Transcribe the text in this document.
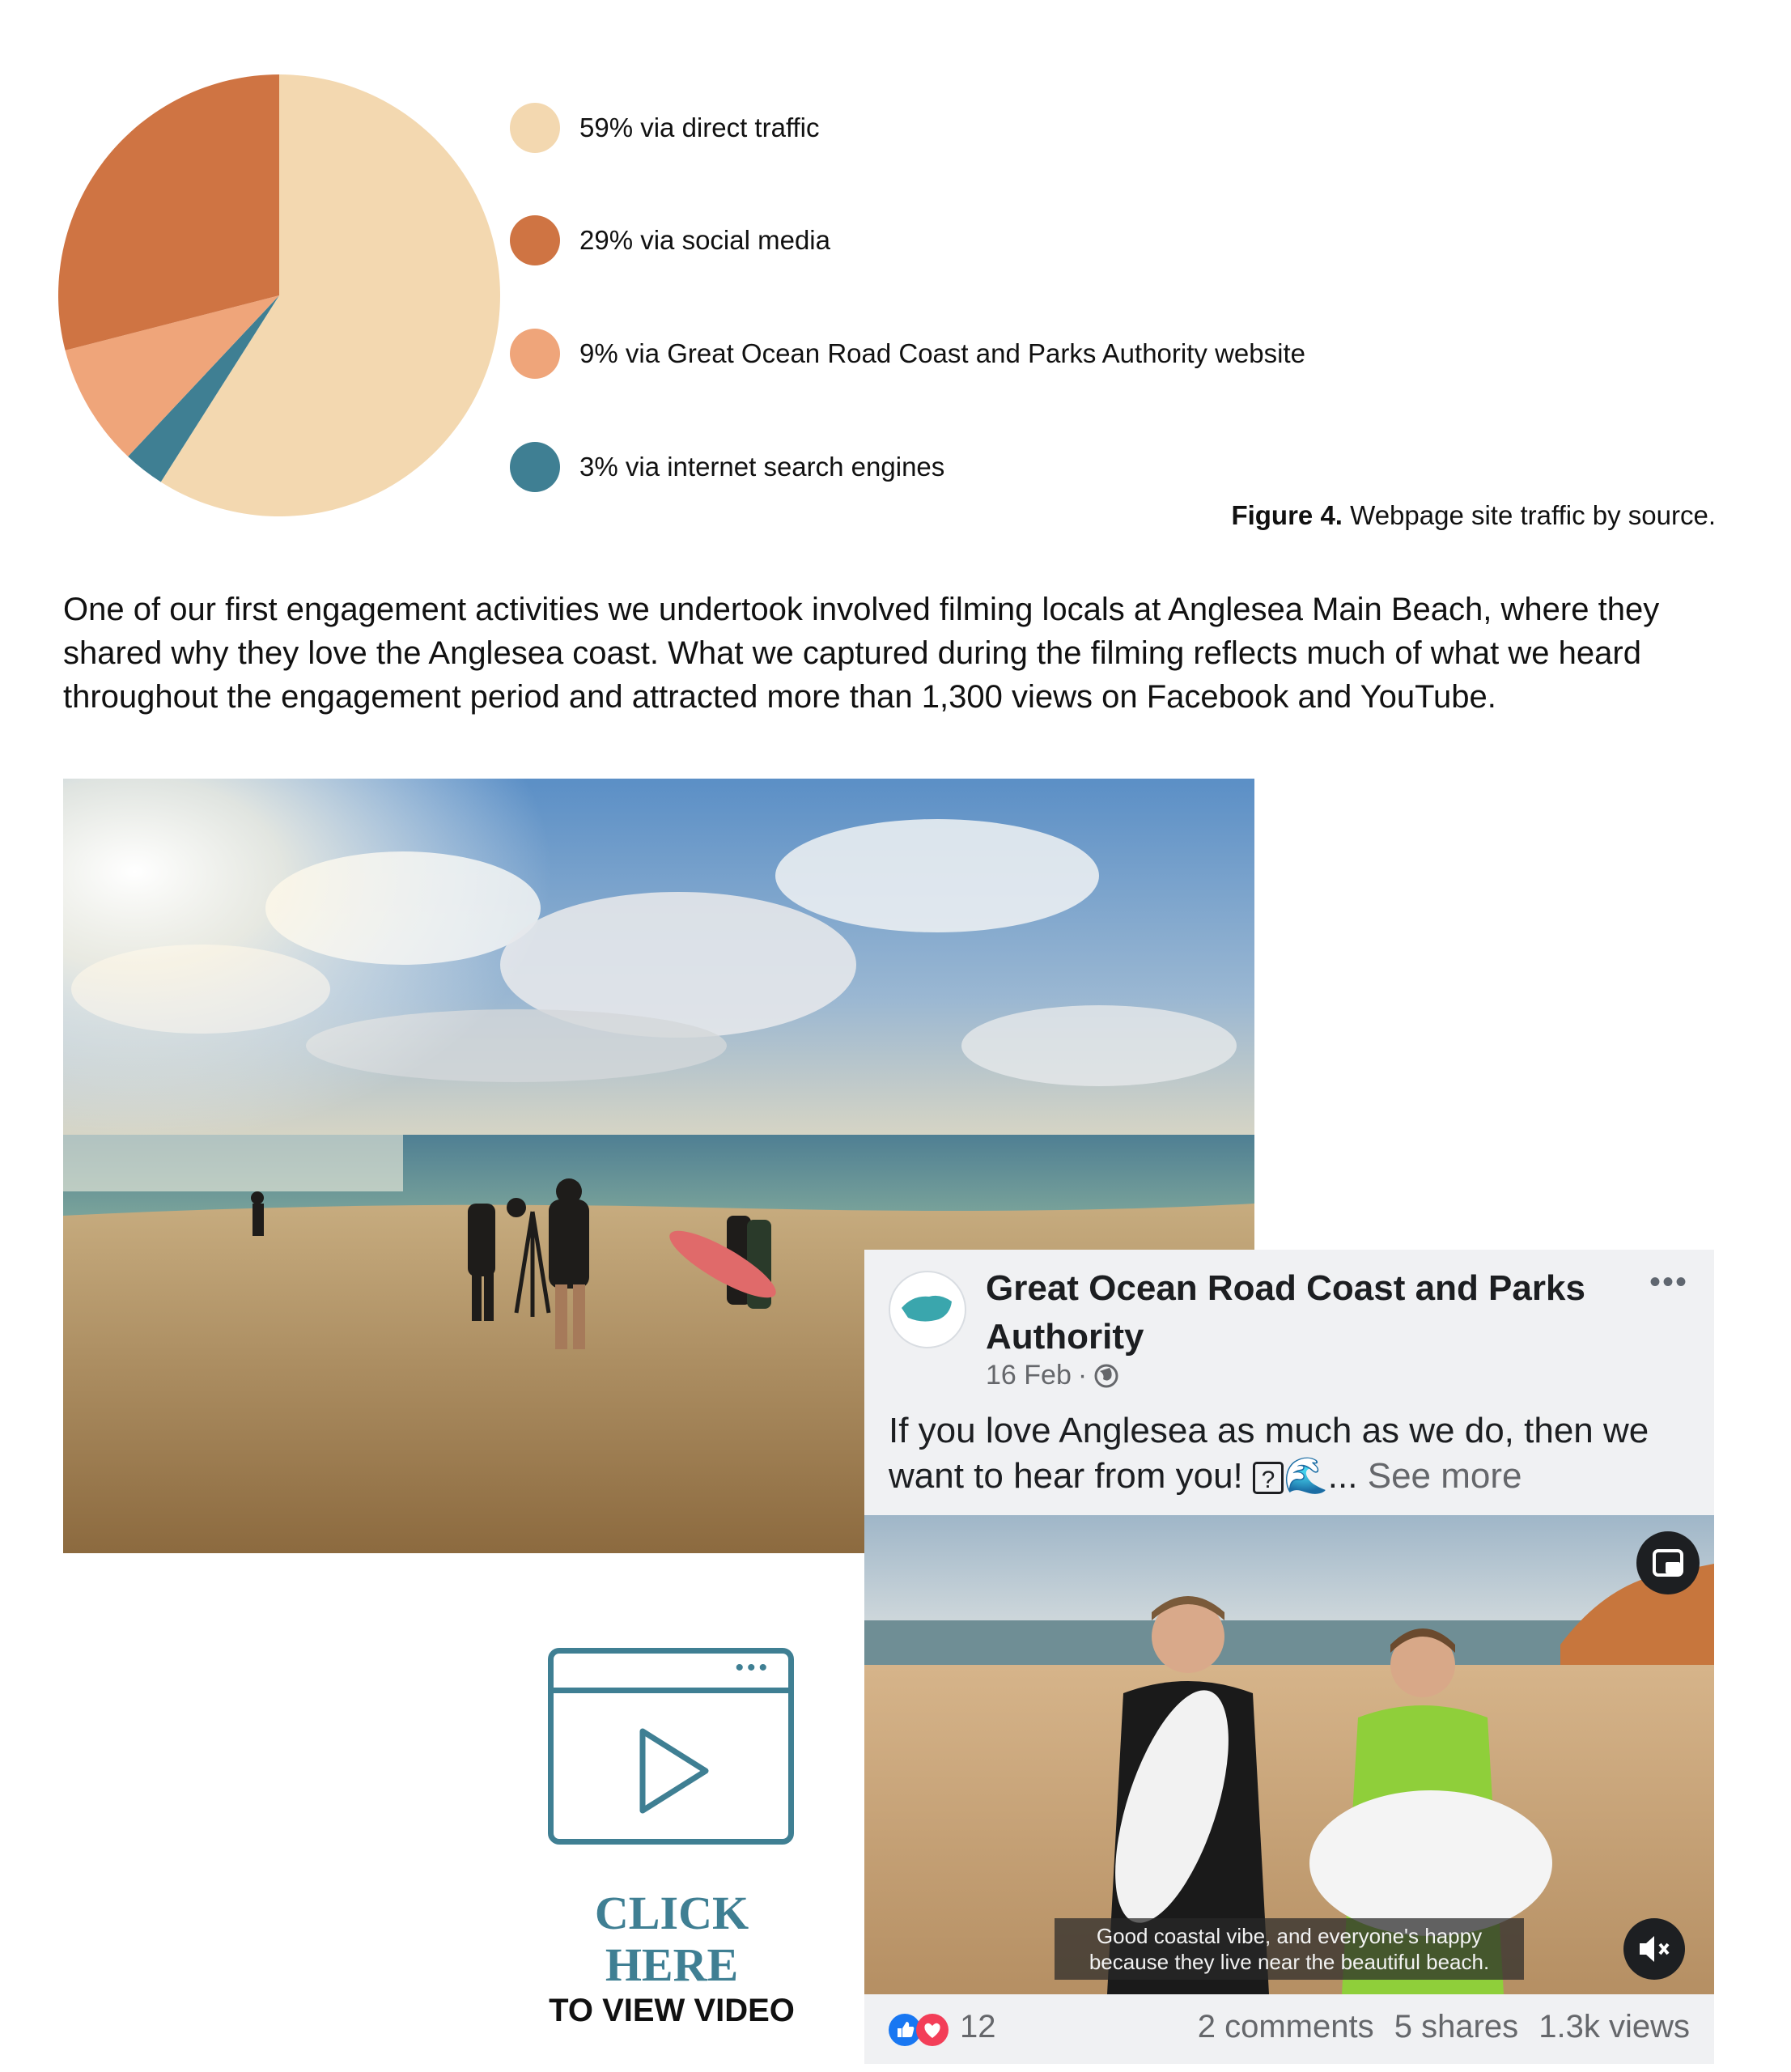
59% via direct traffic
29% via social media
9% via Great Ocean Road Coast and Parks Authority website
3% via internet search engines
Figure 4. Webpage site traffic by source.
One of our first engagement activities we undertook involved filming locals at Anglesea Main Beach, where they shared why they love the Anglesea coast. What we captured during the filming reflects much of what we heard throughout the engagement period and attracted more than 1,300 views on Facebook and YouTube.
•••
CLICK
HERE
TO VIEW VIDEO
Great Ocean Road Coast and Parks Authority
•••
16 Feb ·
If you love Anglesea as much as we do, then we want to hear from you! ? 🌊... See more
Good coastal vibe, and everyone's happy because they live near the beautiful beach.
12	2 comments 5 shares 1.3k views
